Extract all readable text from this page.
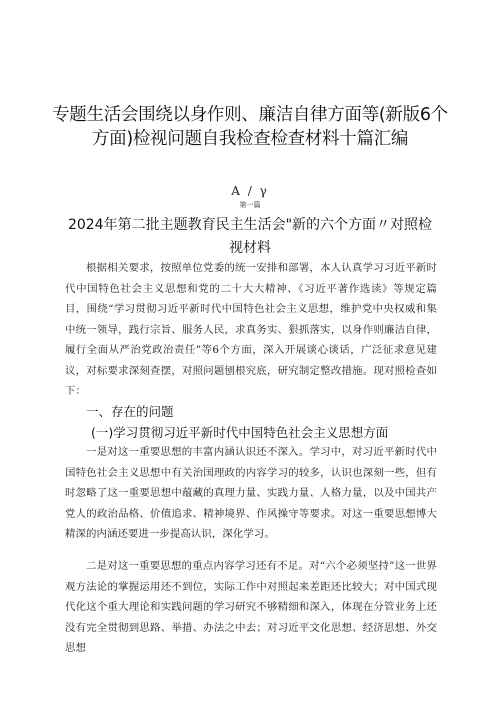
专题生活会围绕以身作则、廉洁自律方面等(新版6个
方面)检视问题自我检查检查材料十篇汇编
A / γ
第一篇
2024年第二批主题教育民主生活会"新的六个方面〃对照检
视材料

根据相关要求，按照单位党委的统一安排和部署，本人认真学习习近平新时代中国特色社会主义思想和党的二十大大精神、《习近平著作选读》等规定篇目，围绕“学习贯彻习近平新时代中国特色社会主义思想，维护党中央权威和集中统一领导，践行宗旨、服务人民，求真务实、狠抓落实，以身作则廉洁自律，履行全面从严治党政治责任”等6个方面，深入开展谈心谈话，广泛征求意见建议，对标要求深刻查摆，对照问题刨根究底，研究制定整改措施。现对照检查如下：

一、存在的问题
(一)学习贯彻习近平新时代中国特色社会主义思想方面

一是对这一重要思想的丰富内涵认识还不深入。学习中，对习近平新时代中国特色社会主义思想中有关治国理政的内容学习的较多，认识也深刻一些，但有时忽略了这一重要思想中蕴藏的真理力量、实践力量、人格力量，以及中国共产党人的政治品格、价值追求、精神境界、作风操守等要求。对这一重要思想博大精深的内涵还要进一步提高认识，深化学习。

二是对这一重要思想的重点内容学习还有不足。对“六个必须坚持”这一世界观方法论的掌握运用还不到位，实际工作中对照起来差距还比较大；对中国式现代化这个重大理论和实践问题的学习研究不够精细和深入，体现在分管业务上还没有完全贯彻到思路、举措、办法之中去；对习近平文化思想、经济思想、外交思想
